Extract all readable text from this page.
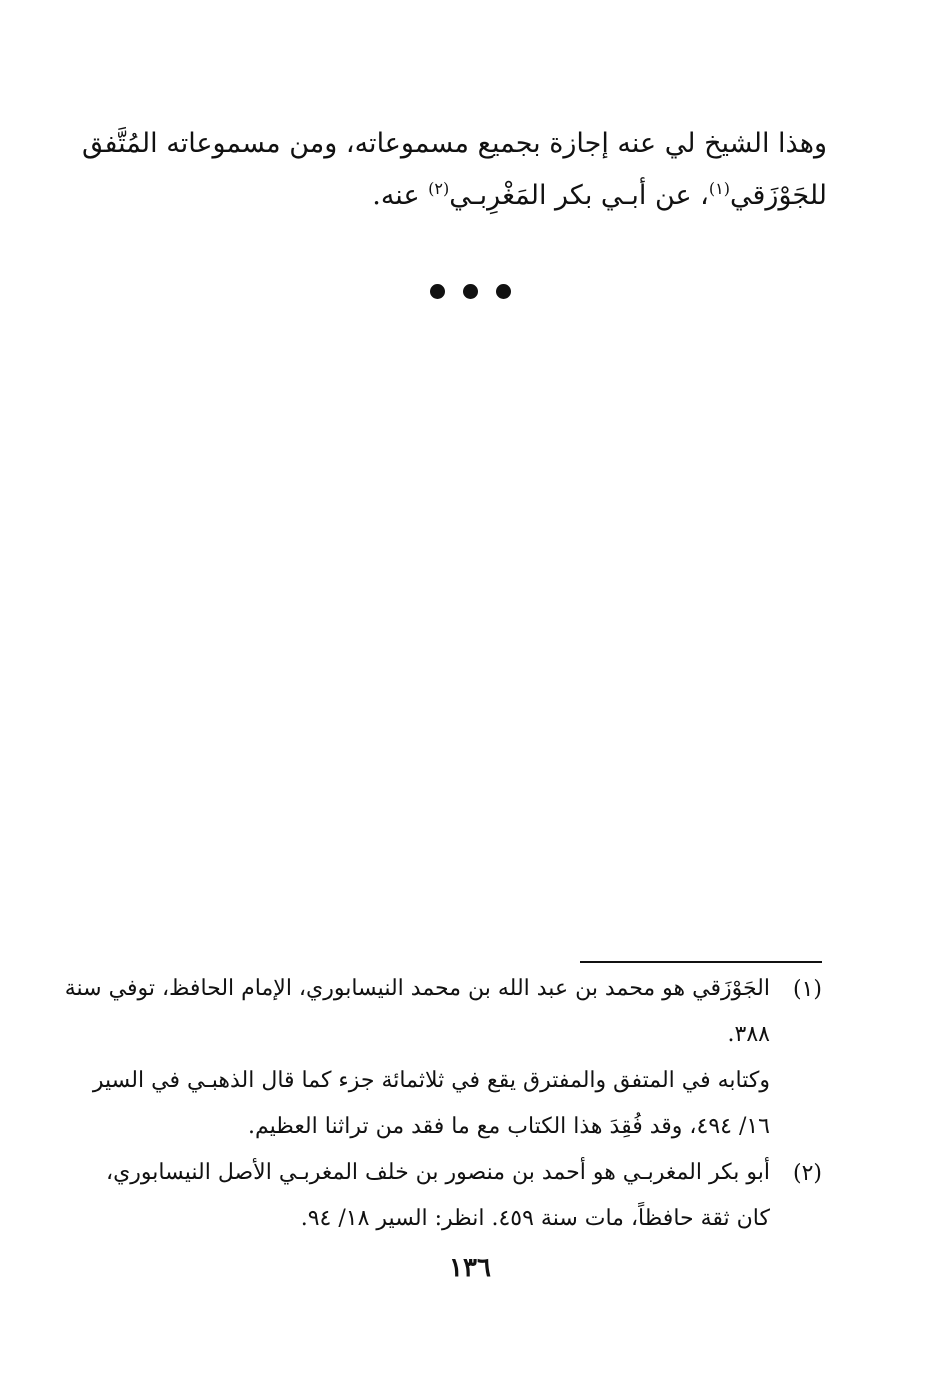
وهذا الشيخ لي عنه إجازة بجميع مسموعاته، ومن مسموعاته المُتَّفق
للجَوْزَقي$^{(١)}$، عن أبـي بكر المَغْرِبـي$^{(٢)}$ عنه.
(١)
الجَوْزَقي هو محمد بن عبد الله بن محمد النيسابوري، الإمام الحافظ، توفي سنة
٣٨٨.
وكتابه في المتفق والمفترق يقع في ثلاثمائة جزء كما قال الذهبـي في السير
١٦/ ٤٩٤، وقد فُقِدَ هذا الكتاب مع ما فقد من تراثنا العظيم.
(٢)
أبو بكر المغربـي هو أحمد بن منصور بن خلف المغربـي الأصل النيسابوري،
كان ثقة حافظاً، مات سنة ٤٥٩. انظر: السير ١٨/ ٩٤.
١٣٦
